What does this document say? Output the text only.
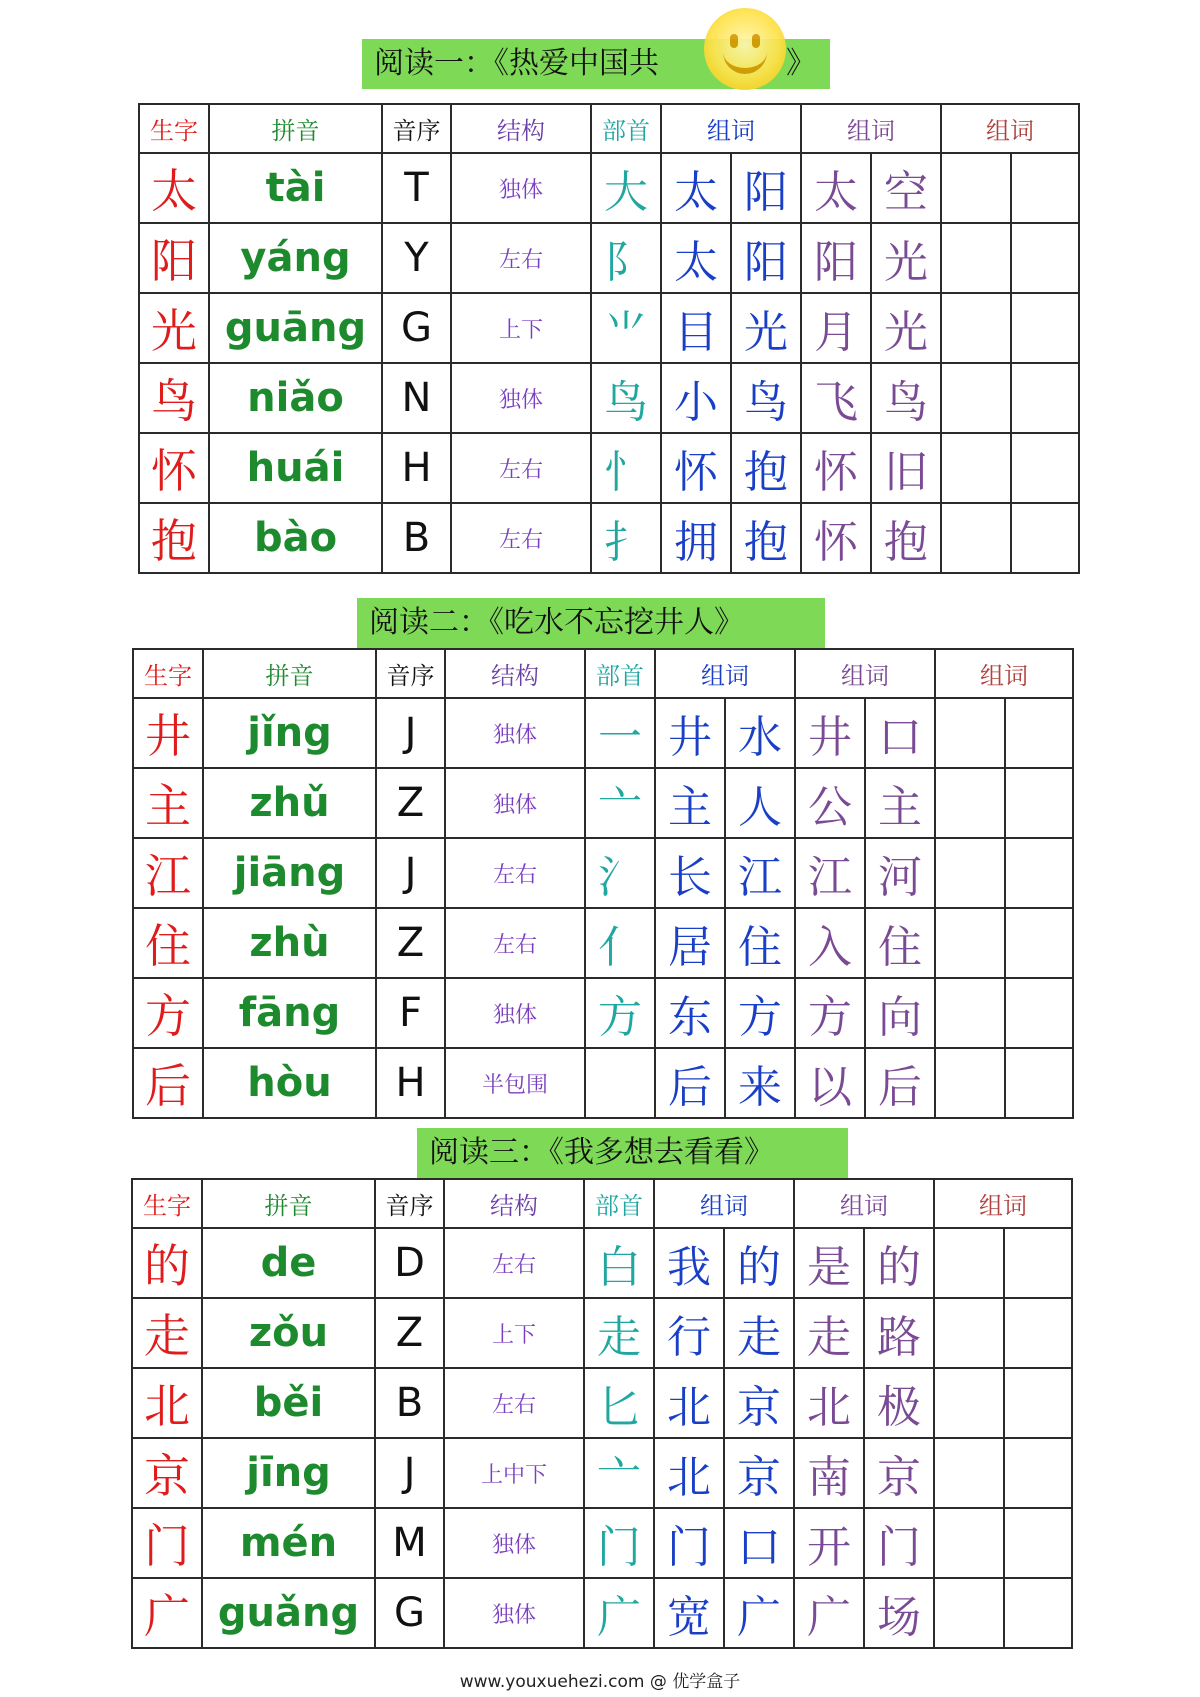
阅读一：《热爱中国共	》
生字	拼音	音序	结构	部首	组词		组词		组词	
太	tài	T	独体	大	太	阳	太	空		
阳	yáng	Y	左右	阝	太	阳	阳	光		
光	guāng	G	上下	⺌	目	光	月	光		
鸟	niǎo	N	独体	鸟	小	鸟	飞	鸟		
怀	huái	H	左右	忄	怀	抱	怀	旧		
抱	bào	B	左右	扌	拥	抱	怀	抱		
阅读二：《吃水不忘挖井人》
生字	拼音	音序	结构	部首	组词		组词		组词	
井	jǐng	J	独体	一	井	水	井	口		
主	zhǔ	Z	独体	亠	主	人	公	主		
江	jiāng	J	左右	氵	长	江	江	河		
住	zhù	Z	左右	亻	居	住	入	住		
方	fāng	F	独体	方	东	方	方	向		
后	hòu	H	半包围		后	来	以	后		
阅读三：《我多想去看看》
生字	拼音	音序	结构	部首	组词		组词		组词	
的	de	D	左右	白	我	的	是	的		
走	zǒu	Z	上下	走	行	走	走	路		
北	běi	B	左右	匕	北	京	北	极		
京	jīng	J	上中下	亠	北	京	南	京		
门	mén	M	独体	门	门	口	开	门		
广	guǎng	G	独体	广	宽	广	广	场		
www.youxuehezi.com @ 优学盒子
